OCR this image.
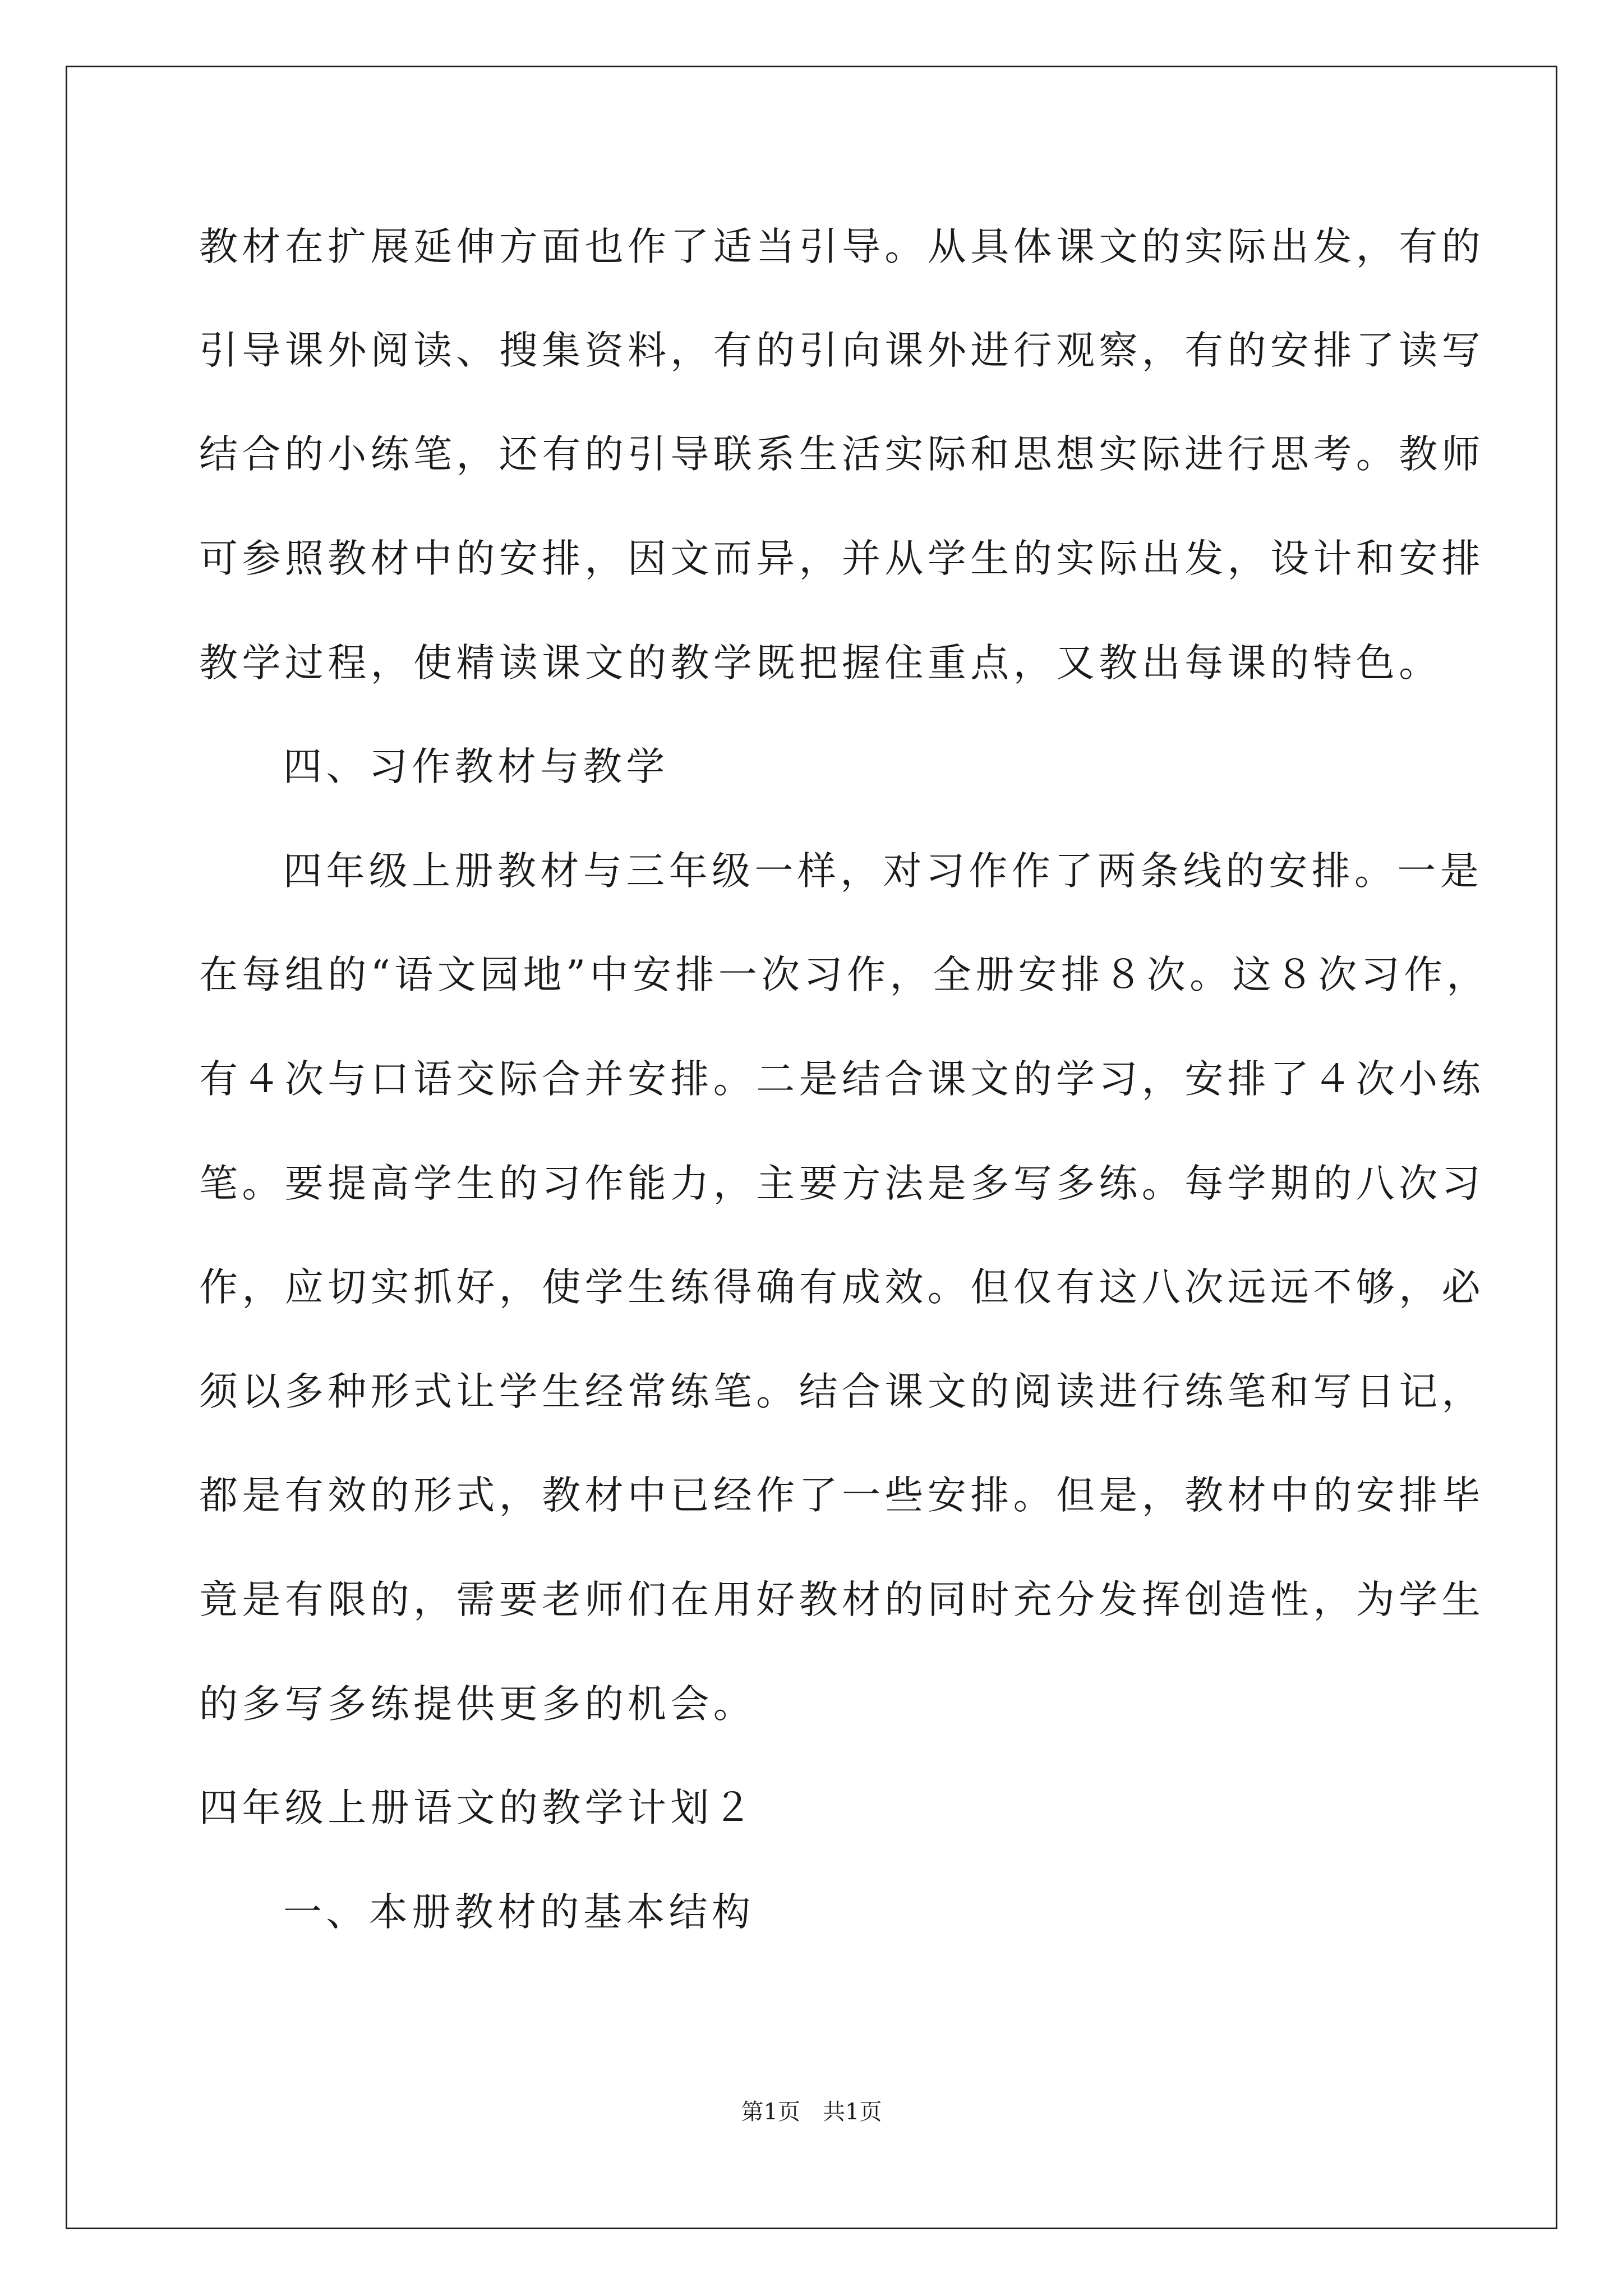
教材在扩展延伸方面也作了适当引导。从具体课文的实际出发，有的
引导课外阅读、搜集资料，有的引向课外进行观察，有的安排了读写
结合的小练笔，还有的引导联系生活实际和思想实际进行思考。教师
可参照教材中的安排，因文而异，并从学生的实际出发，设计和安排
教学过程，使精读课文的教学既把握住重点，又教出每课的特色。
四、习作教材与教学
四年级上册教材与三年级一样，对习作作了两条线的安排。一是
在每组的“语文园地”中安排一次习作，全册安排８次。这８次习作，
有４次与口语交际合并安排。二是结合课文的学习，安排了４次小练
笔。要提高学生的习作能力，主要方法是多写多练。每学期的八次习
作，应切实抓好，使学生练得确有成效。但仅有这八次远远不够，必
须以多种形式让学生经常练笔。结合课文的阅读进行练笔和写日记，
都是有效的形式，教材中已经作了一些安排。但是，教材中的安排毕
竟是有限的，需要老师们在用好教材的同时充分发挥创造性，为学生
的多写多练提供更多的机会。
四年级上册语文的教学计划２
一、本册教材的基本结构
第1页　共1页
